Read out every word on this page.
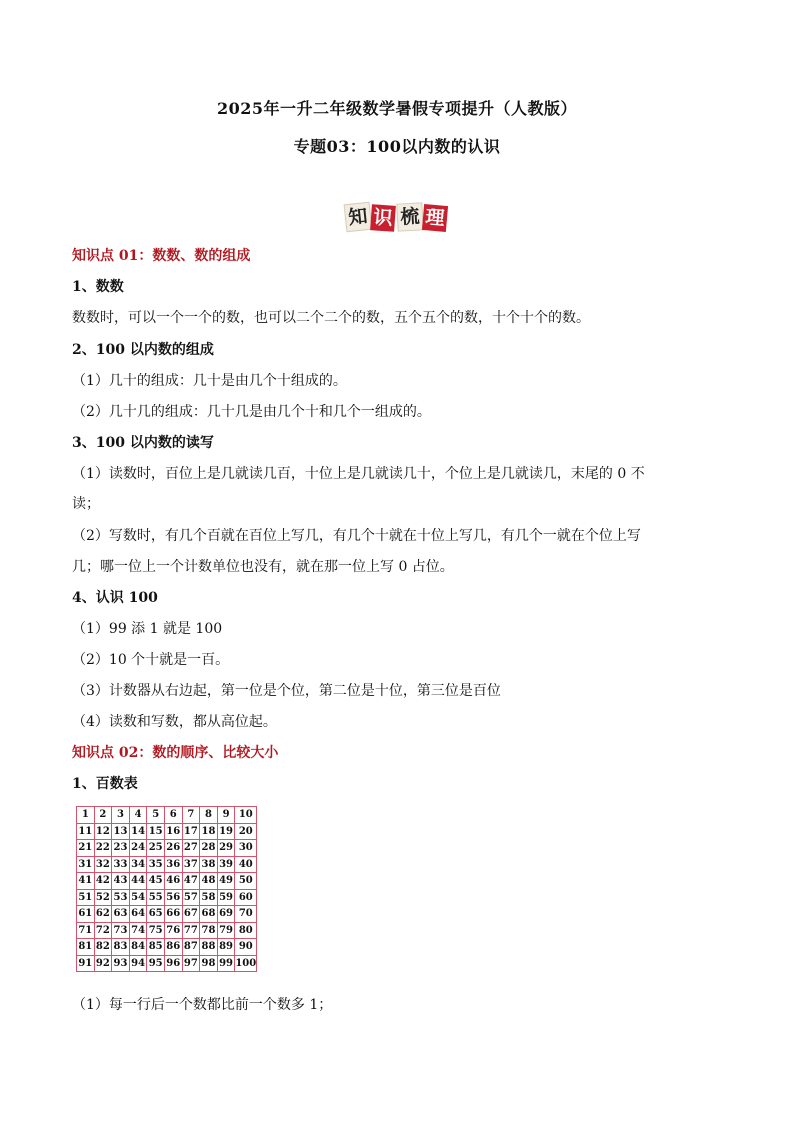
2025年一升二年级数学暑假专项提升（人教版）
专题03：100以内数的认识
知 识 梳 理
知识点 01：数数、数的组成
1、数数
数数时，可以一个一个的数，也可以二个二个的数，五个五个的数，十个十个的数。
2、100 以内数的组成
（1）几十的组成：几十是由几个十组成的。
（2）几十几的组成：几十几是由几个十和几个一组成的。
3、100 以内数的读写
（1）读数时，百位上是几就读几百，十位上是几就读几十，个位上是几就读几，末尾的 0 不
读；
（2）写数时，有几个百就在百位上写几，有几个十就在十位上写几，有几个一就在个位上写
几；哪一位上一个计数单位也没有，就在那一位上写 0 占位。
4、认识 100
（1）99 添 1 就是 100
（2）10 个十就是一百。
（3）计数器从右边起，第一位是个位，第二位是十位，第三位是百位
（4）读数和写数，都从高位起。
知识点 02：数的顺序、比较大小
1、百数表
1	2	3	4	5	6	7	8	9	10
11	12	13	14	15	16	17	18	19	20
21	22	23	24	25	26	27	28	29	30
31	32	33	34	35	36	37	38	39	40
41	42	43	44	45	46	47	48	49	50
51	52	53	54	55	56	57	58	59	60
61	62	63	64	65	66	67	68	69	70
71	72	73	74	75	76	77	78	79	80
81	82	83	84	85	86	87	88	89	90
91	92	93	94	95	96	97	98	99	100
（1）每一行后一个数都比前一个数多 1；
